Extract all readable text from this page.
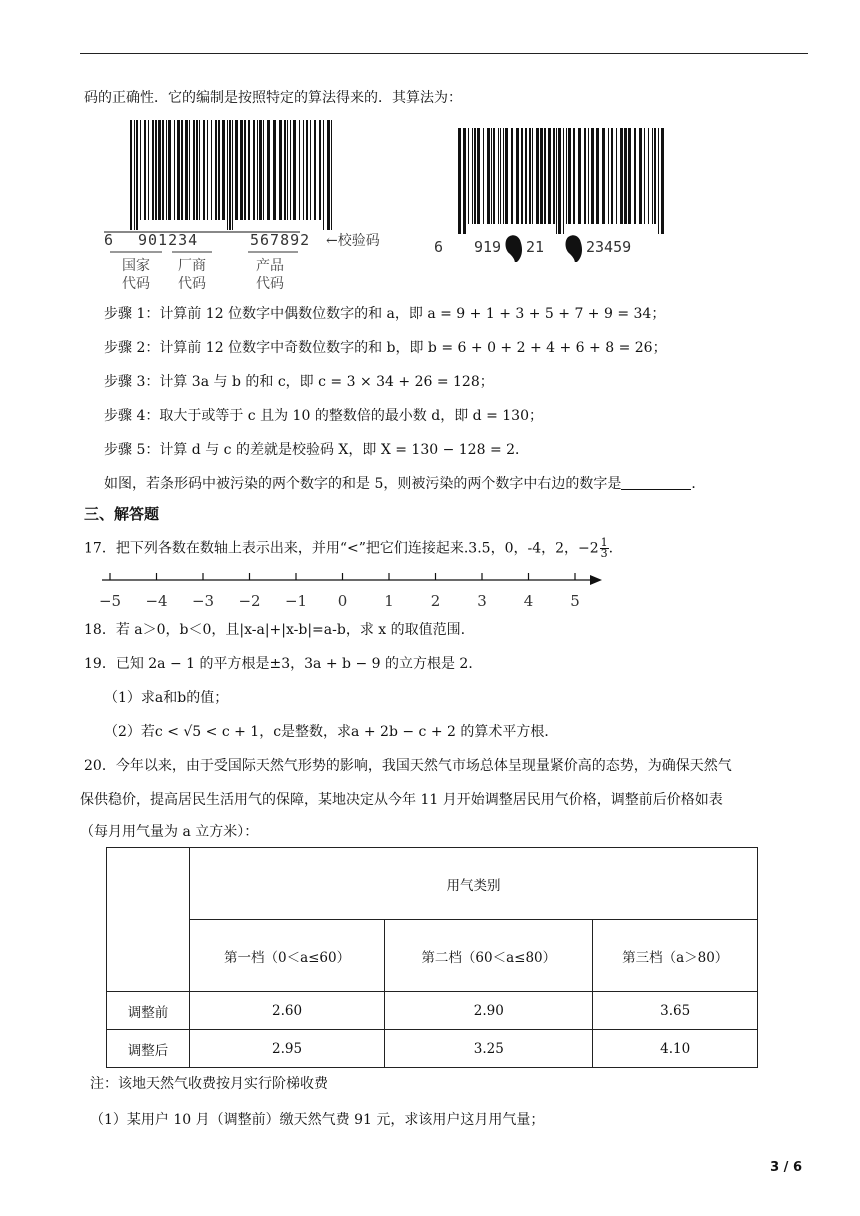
码的正确性．它的编制是按照特定的算法得来的．其算法为：
6 901234	567892 ←校验码
国家
代码
厂商
代码
产品
代码
6 919 21	23459
步骤 1：计算前 12 位数字中偶数位数字的和 a，即 a = 9 + 1 + 3 + 5 + 7 + 9 = 34；
步骤 2：计算前 12 位数字中奇数位数字的和 b，即 b = 6 + 0 + 2 + 4 + 6 + 8 = 26；
步骤 3：计算 3a 与 b 的和 c，即 c = 3 × 34 + 26 = 128；
步骤 4：取大于或等于 c 且为 10 的整数倍的最小数 d，即 d = 130；
步骤 5：计算 d 与 c 的差就是校验码 X，即 X = 130 − 128 = 2．
如图，若条形码中被污染的两个数字的和是 5，则被污染的两个数字中右边的数字是	．
三、解答题
17．把下列各数在数轴上表示出来，并用“<”把它们连接起来.3.5，0，-4，2，$-2 \frac{1}{3}$ .
−5 −4 −3 −2 −1 0 1 2 3 4 5
18．若 a＞0，b＜0，且|x-a|+|x-b|=a-b，求 x 的取值范围.
19．已知 2a − 1 的平方根是±3，3a + b − 9 的立方根是 2．
（1）求a和b的值；
（2）若c < √5 < c + 1，c是整数，求a + 2b − c + 2 的算术平方根．
20．今年以来，由于受国际天然气形势的影响，我国天然气市场总体呈现量紧价高的态势，为确保天然气
保供稳价，提高居民生活用气的保障，某地决定从今年 11 月开始调整居民用气价格，调整前后价格如表
（每月用气量为 a 立方米）：
	用气类别		
	第一档（0＜a≤60）	第二档（60＜a≤80）	第三档（a＞80）
调整前	2.60	2.90	3.65
调整后	2.95	3.25	4.10
注：该地天然气收费按月实行阶梯收费
（1）某用户 10 月（调整前）缴天然气费 91 元，求该用户这月用气量；
3 / 6
